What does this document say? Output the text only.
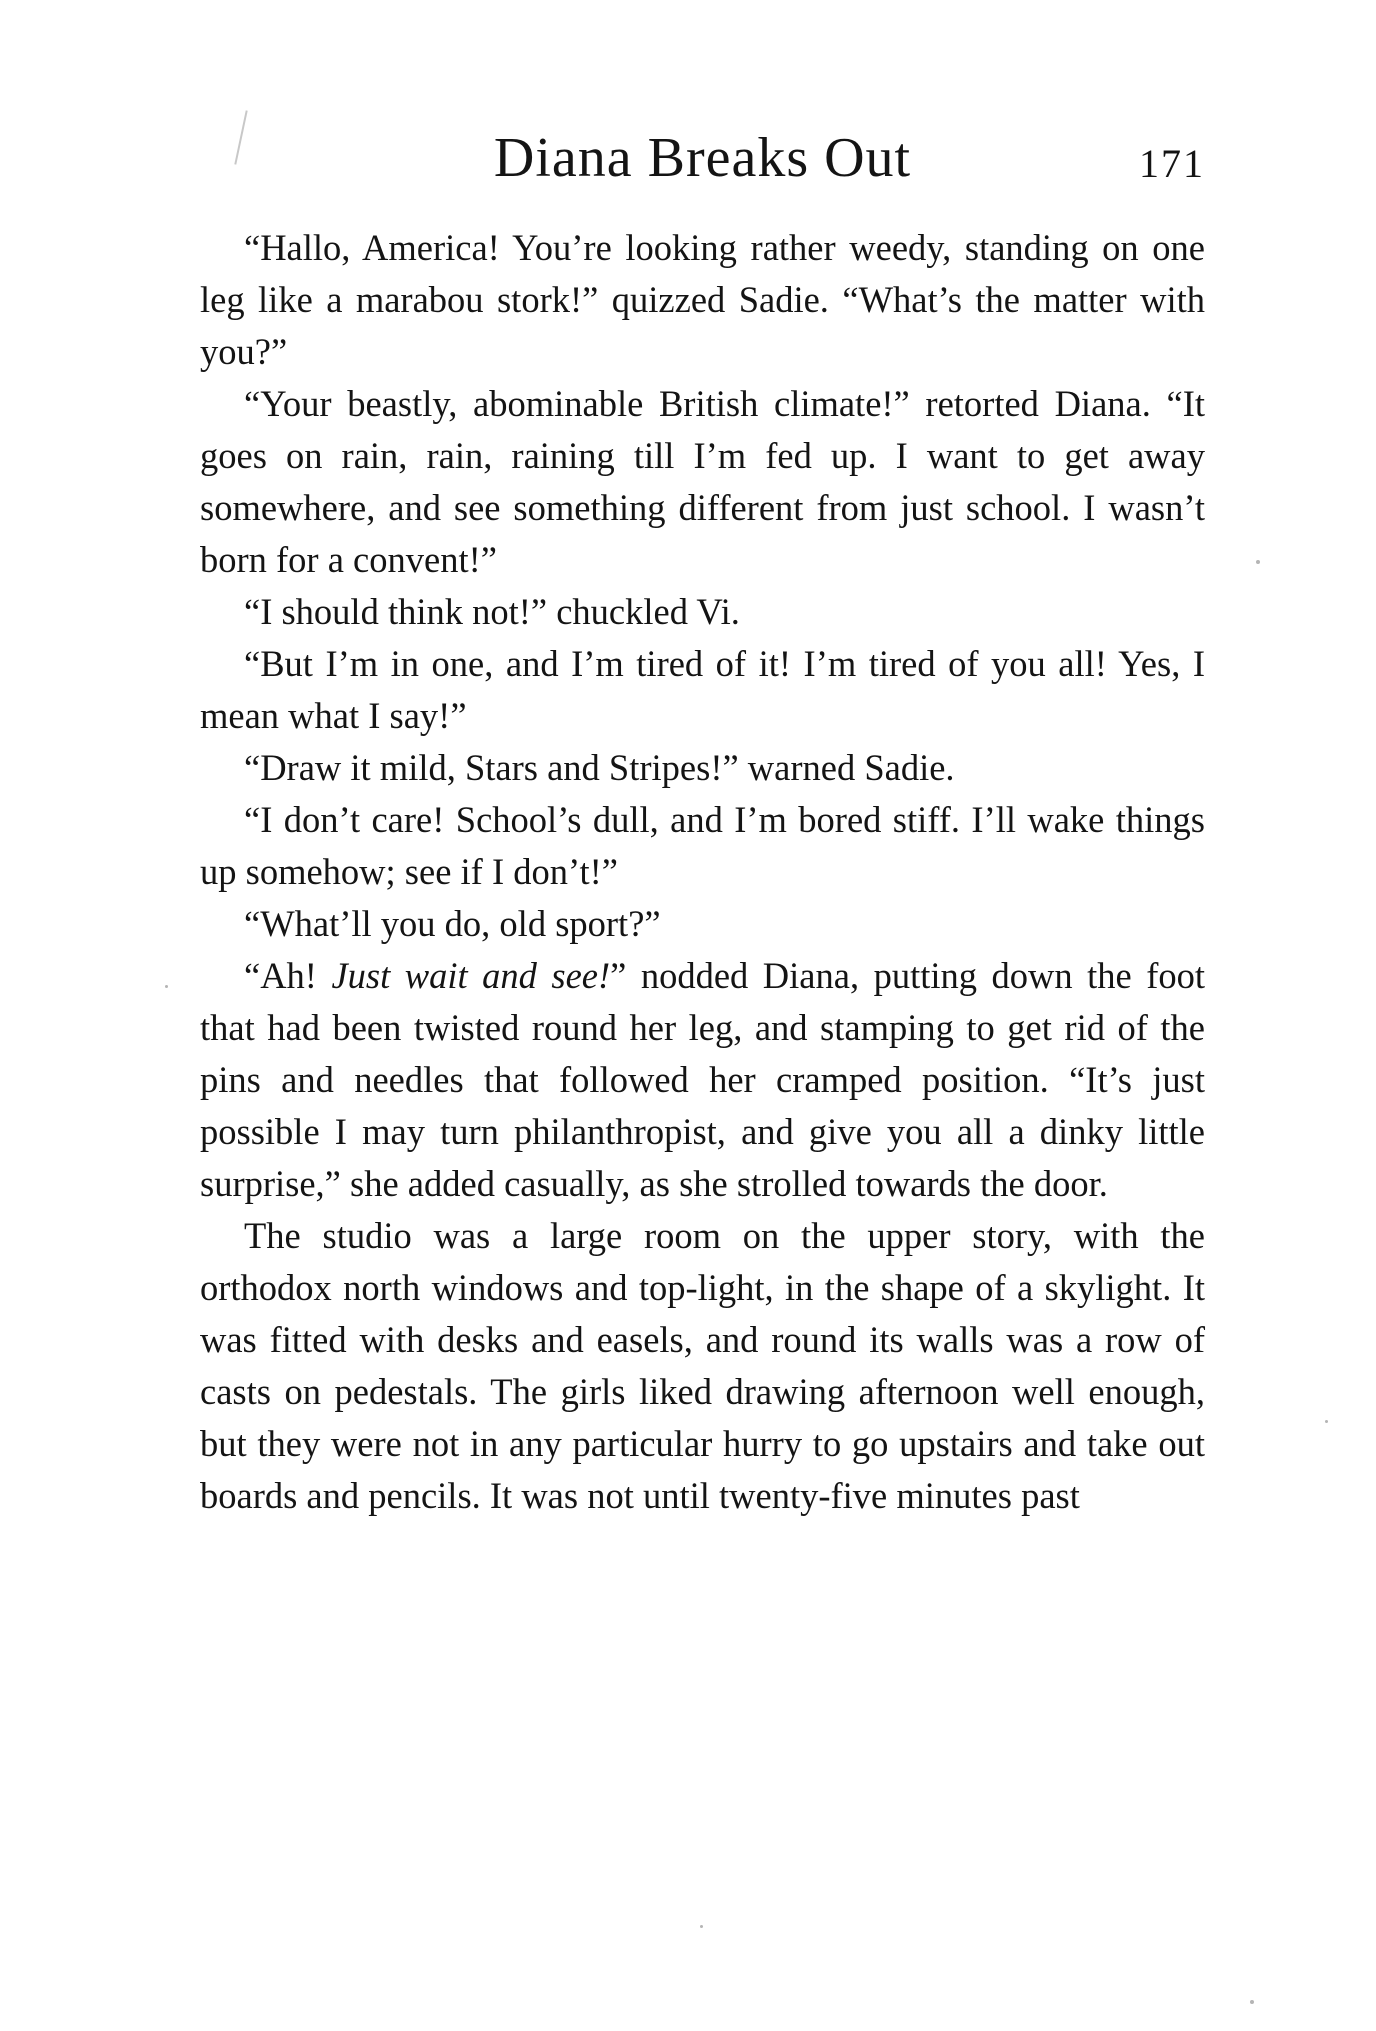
Diana Breaks Out	171

“Hallo, America! You’re looking rather weedy, standing on one leg like a marabou stork!” quizzed Sadie. “What’s the matter with you?”

“Your beastly, abominable British climate!” retorted Diana. “It goes on rain, rain, raining till I’m fed up. I want to get away somewhere, and see something different from just school. I wasn’t born for a convent!”

“I should think not!” chuckled Vi.

“But I’m in one, and I’m tired of it! I’m tired of you all! Yes, I mean what I say!”

“Draw it mild, Stars and Stripes!” warned Sadie.

“I don’t care! School’s dull, and I’m bored stiff. I’ll wake things up somehow; see if I don’t!”

“What’ll you do, old sport?”

“Ah! Just wait and see!” nodded Diana, putting down the foot that had been twisted round her leg, and stamping to get rid of the pins and needles that followed her cramped position. “It’s just possible I may turn philanthropist, and give you all a dinky little surprise,” she added casually, as she strolled towards the door.

The studio was a large room on the upper story, with the orthodox north windows and top-light, in the shape of a skylight. It was fitted with desks and easels, and round its walls was a row of casts on pedestals. The girls liked drawing afternoon well enough, but they were not in any particular hurry to go upstairs and take out boards and pencils. It was not until twenty-five minutes past
